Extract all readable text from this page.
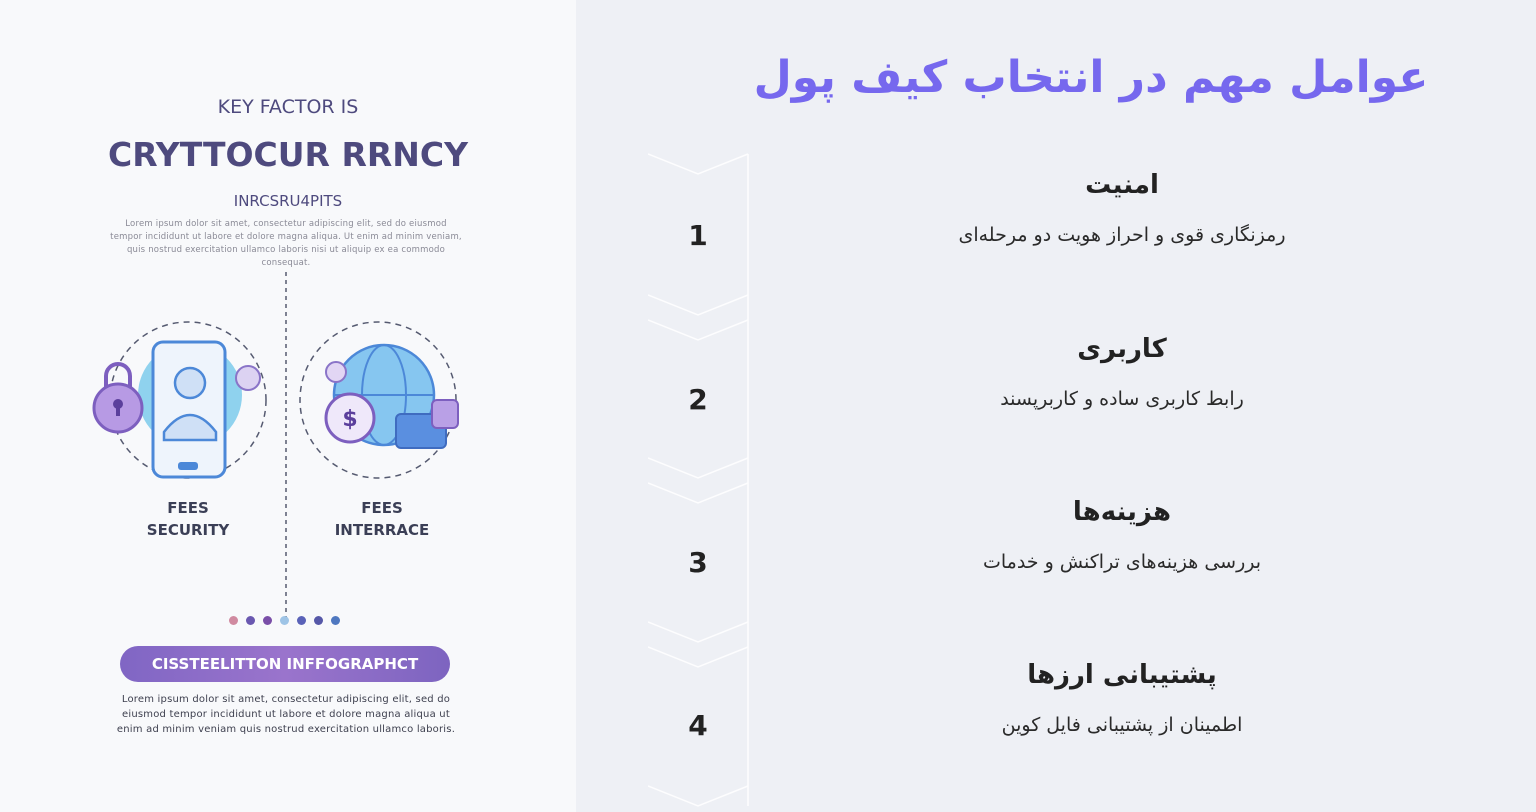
KEY FACTOR IS
CRYTTOCUR RRNCY
INRCSRU4PITS
Lorem ipsum dolor sit amet, consectetur adipiscing elit, sed do eiusmod tempor incididunt ut labore et dolore magna aliqua. Ut enim ad minim veniam, quis nostrud exercitation ullamco laboris nisi ut aliquip ex ea commodo consequat.
$
FEES
SECURITY
FEES
INTERRACE
CISSTEELITTON INFFOGRAPHCT
Lorem ipsum dolor sit amet, consectetur adipiscing elit, sed do eiusmod tempor incididunt ut labore et dolore magna aliqua ut enim ad minim veniam quis nostrud exercitation ullamco laboris.
عوامل مهم در انتخاب کیف پول
امنیت
رمزنگاری قوی و احراز هویت دو مرحله‌ای
1
کاربری
رابط کاربری ساده و کاربرپسند
2
هزینه‌ها
بررسی هزینه‌های تراکنش و خدمات
3
پشتیبانی ارزها
اطمینان از پشتیبانی فایل کوین
4
